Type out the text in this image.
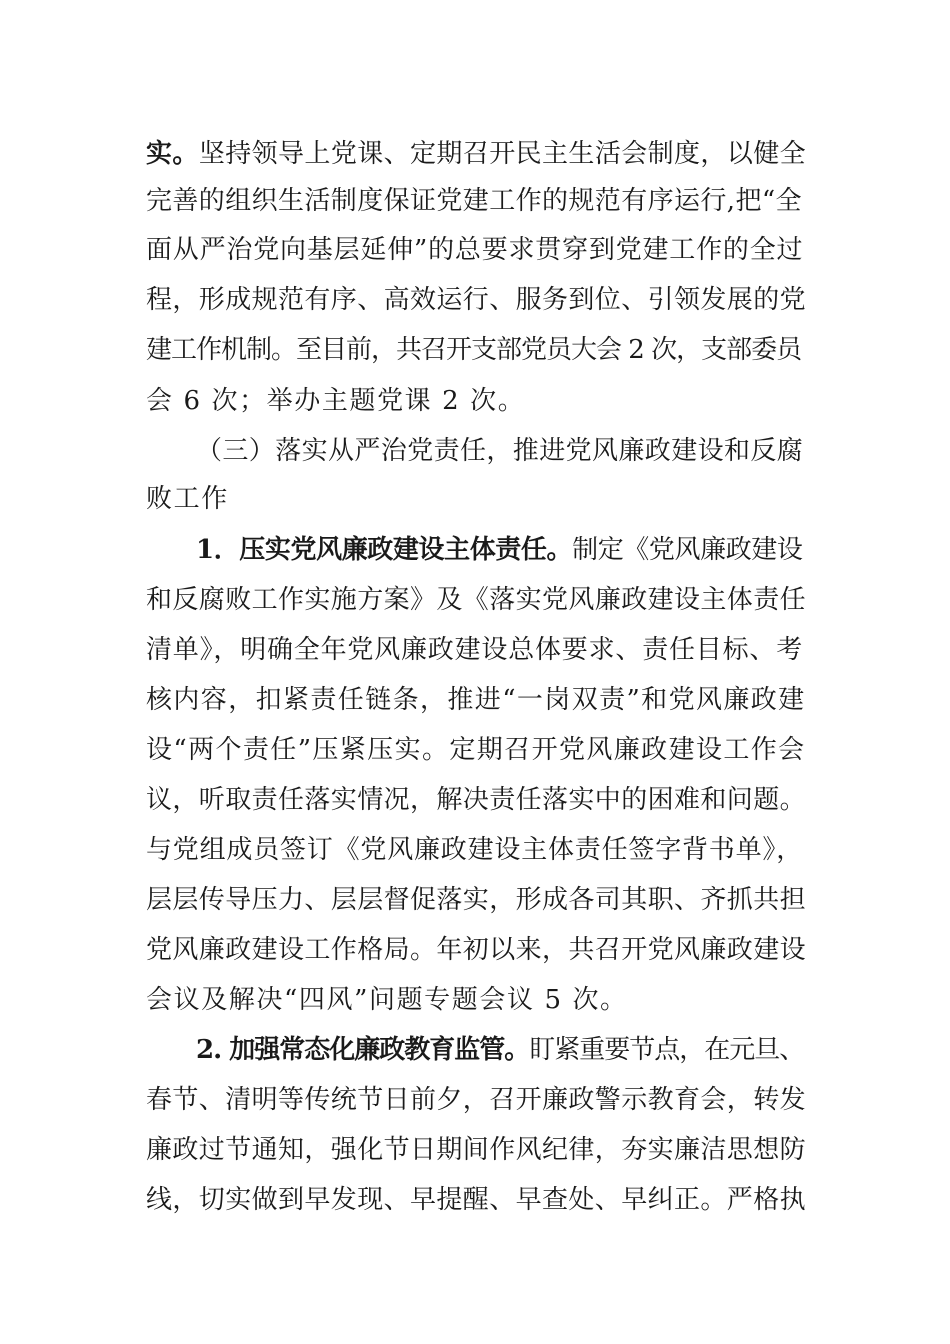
实。坚持领导上党课、定期召开民主生活会制度，以健全
完善的组织生活制度保证党建工作的规范有序运行,把“全
面从严治党向基层延伸”的总要求贯穿到党建工作的全过
程，形成规范有序、高效运行、服务到位、引领发展的党
建工作机制。至目前，共召开支部党员大会 2 次，支部委员
会 6 次；举办主题党课 2 次。
（三）落实从严治党责任，推进党风廉政建设和反腐
败工作
1．压实党风廉政建设主体责任。制定《党风廉政建设
和反腐败工作实施方案》及《落实党风廉政建设主体责任
清单》，明确全年党风廉政建设总体要求、责任目标、考
核内容，扣紧责任链条，推进“一岗双责”和党风廉政建
设“两个责任”压紧压实。定期召开党风廉政建设工作会
议，听取责任落实情况，解决责任落实中的困难和问题。
与党组成员签订《党风廉政建设主体责任签字背书单》，
层层传导压力、层层督促落实，形成各司其职、齐抓共担
党风廉政建设工作格局。年初以来，共召开党风廉政建设
会议及解决“四风”问题专题会议 5 次。
2. 加强常态化廉政教育监管。盯紧重要节点，在元旦、
春节、清明等传统节日前夕，召开廉政警示教育会，转发
廉政过节通知，强化节日期间作风纪律，夯实廉洁思想防
线，切实做到早发现、早提醒、早查处、早纠正。严格执
